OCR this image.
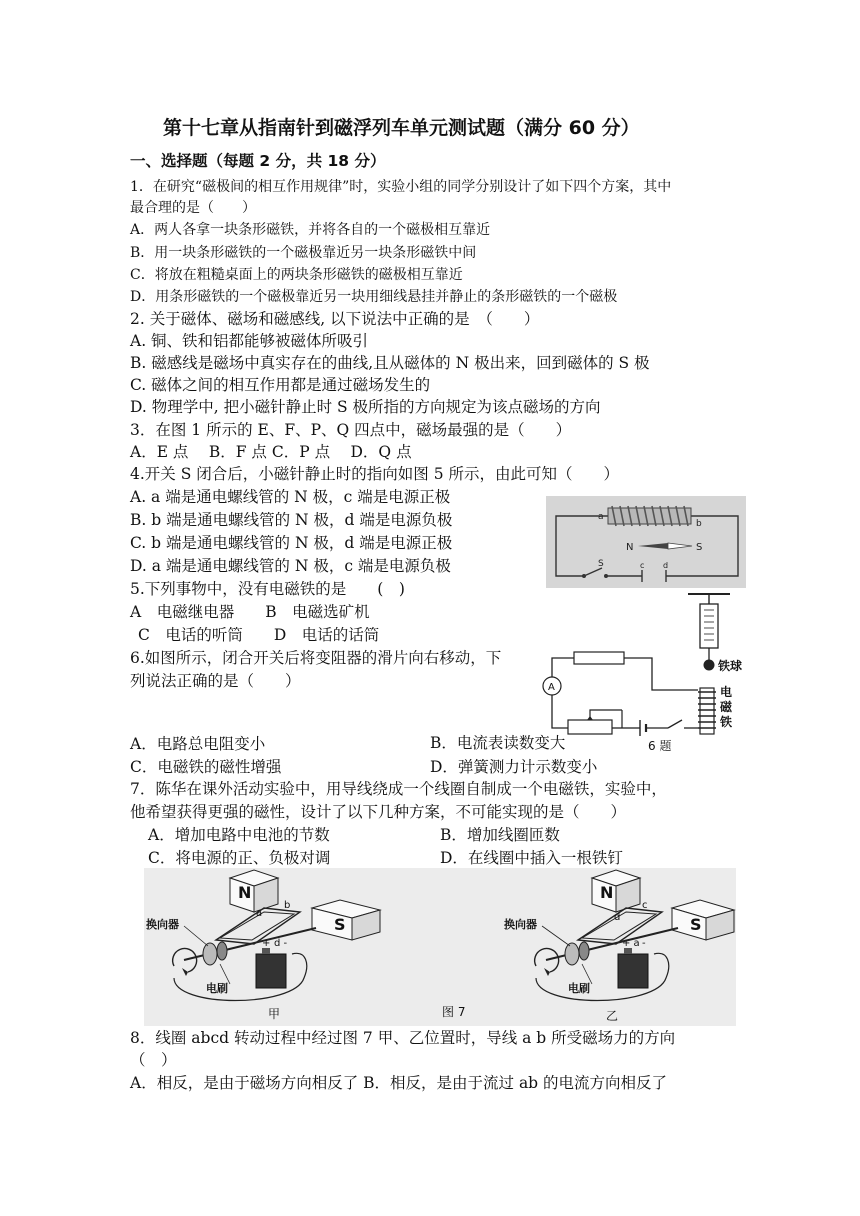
第十七章从指南针到磁浮列车单元测试题（满分 60 分）
一、选择题（每题 2 分，共 18 分）
1．在研究“磁极间的相互作用规律”时，实验小组的同学分别设计了如下四个方案，其中
最合理的是（　　）
A．两人各拿一块条形磁铁，并将各自的一个磁极相互靠近
B．用一块条形磁铁的一个磁极靠近另一块条形磁铁中间
C．将放在粗糙桌面上的两块条形磁铁的磁极相互靠近
D．用条形磁铁的一个磁极靠近另一块用细线悬挂并静止的条形磁铁的一个磁极
2. 关于磁体、磁场和磁感线, 以下说法中正确的是　（　　）
A. 铜、铁和铝都能够被磁体所吸引
B. 磁感线是磁场中真实存在的曲线,且从磁体的 N 极出来，回到磁体的 S 极
C. 磁体之间的相互作用都是通过磁场发生的
D. 物理学中, 把小磁针静止时 S 极所指的方向规定为该点磁场的方向
3．在图 1 所示的 E、F、P、Q 四点中，磁场最强的是（　　）
A．E 点　 B．F 点 C．P 点　 D．Q 点
4.开关 S 闭合后，小磁针静止时的指向如图 5 所示，由此可知（　　）
A. a 端是通电螺线管的 N 极，c 端是电源正极
B. b 端是通电螺线管的 N 极，d 端是电源负极
C. b 端是通电螺线管的 N 极，d 端是电源正极
D. a 端是通电螺线管的 N 极，c 端是电源负极
a
b
N	S
S	c d
5.下列事物中，没有电磁铁的是　　(　)
A　电磁继电器　　B　电磁选矿机
C　电话的听筒　　D　电话的话筒
6.如图所示，闭合开关后将变阻器的滑片向右移动，下
列说法正确的是（　　）
铁球
电
磁
铁
A
6 题
A．电路总电阻变小	B．电流表读数变大
C．电磁铁的磁性增强	D．弹簧测力计示数变小
7．陈华在课外活动实验中，用导线绕成一个线圈自制成一个电磁铁，实验中，
他希望获得更强的磁性，设计了以下几种方案，不可能实现的是（　　）
A．增加电路中电池的节数	B．增加线圈匝数
C．将电源的正、负极对调	D．在线圈中插入一根铁钉
N
S
a
b
换向器
+ d -
电刷
甲	图 7
N
S
d
c
换向器
+ a -
电刷
乙
8．线圈 abcd 转动过程中经过图 7 甲、乙位置时，导线 a b 所受磁场力的方向
（　）
A．相反，是由于磁场方向相反了 B．相反，是由于流过 ab 的电流方向相反了
